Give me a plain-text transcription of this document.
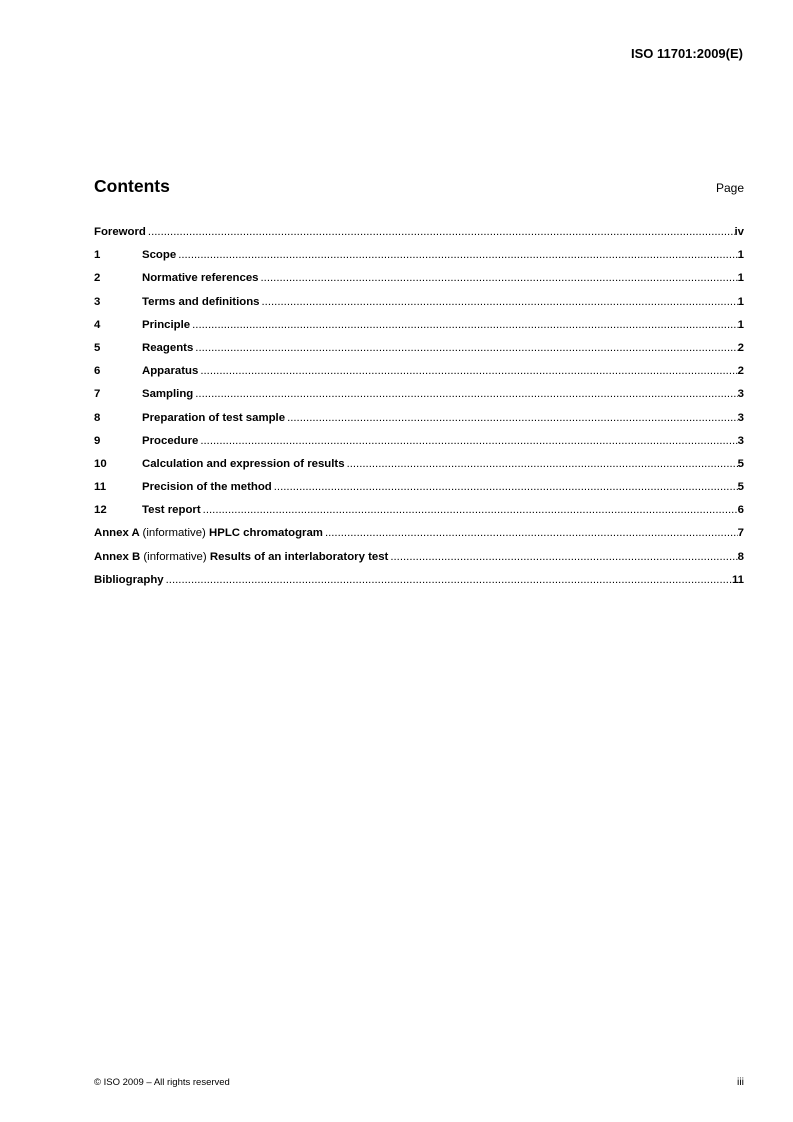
ISO 11701:2009(E)
Contents	Page
Foreword .....	iv
1	Scope .....	1
2	Normative references .....	1
3	Terms and definitions .....	1
4	Principle .....	1
5	Reagents .....	2
6	Apparatus .....	2
7	Sampling .....	3
8	Preparation of test sample .....	3
9	Procedure .....	3
10	Calculation and expression of results .....	5
11	Precision of the method .....	5
12	Test report .....	6
Annex A (informative) HPLC chromatogram .....	7
Annex B (informative) Results of an interlaboratory test .....	8
Bibliography .....	11
© ISO 2009 – All rights reserved	iii
